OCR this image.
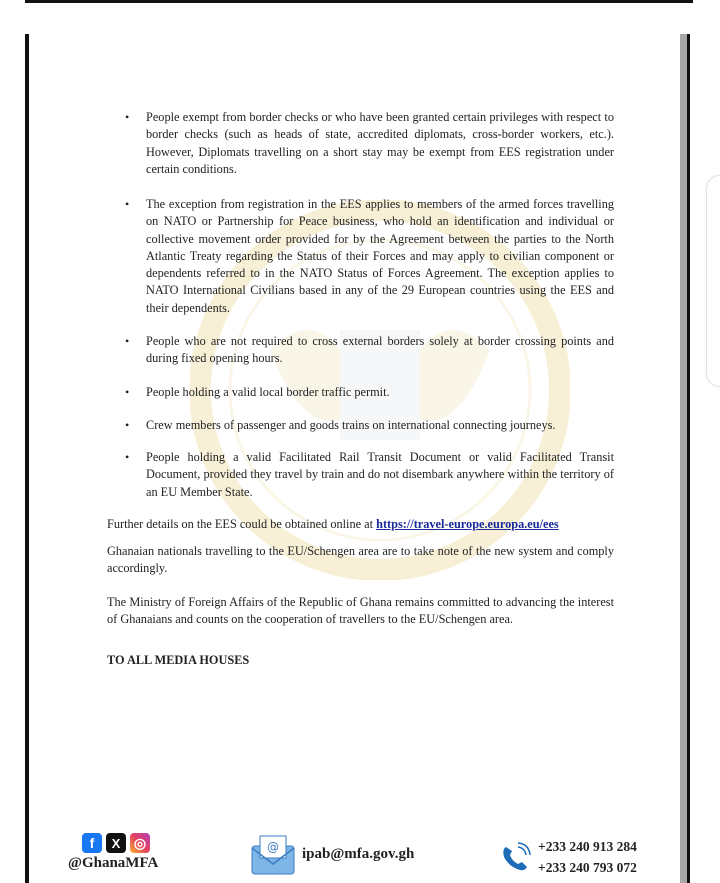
• People exempt from border checks or who have been granted certain privileges with respect to border checks (such as heads of state, accredited diplomats, cross-border workers, etc.). However, Diplomats travelling on a short stay may be exempt from EES registration under certain conditions.
• The exception from registration in the EES applies to members of the armed forces travelling on NATO or Partnership for Peace business, who hold an identification and individual or collective movement order provided for by the Agreement between the parties to the North Atlantic Treaty regarding the Status of their Forces and may apply to civilian component or dependents referred to in the NATO Status of Forces Agreement. The exception applies to NATO International Civilians based in any of the 29 European countries using the EES and their dependents.
• People who are not required to cross external borders solely at border crossing points and during fixed opening hours.
• People holding a valid local border traffic permit.
• Crew members of passenger and goods trains on international connecting journeys.
• People holding a valid Facilitated Rail Transit Document or valid Facilitated Transit Document, provided they travel by train and do not disembark anywhere within the territory of an EU Member State.
Further details on the EES could be obtained online at https://travel-europe.europa.eu/ees
Ghanaian nationals travelling to the EU/Schengen area are to take note of the new system and comply accordingly.
The Ministry of Foreign Affairs of the Republic of Ghana remains committed to advancing the interest of Ghanaians and counts on the cooperation of travellers to the EU/Schengen area.
TO ALL MEDIA HOUSES
f	X ◎
@GhanaMFA
@ ipab@mfa.gov.gh	+233 240 913 284
+233 240 793 072
